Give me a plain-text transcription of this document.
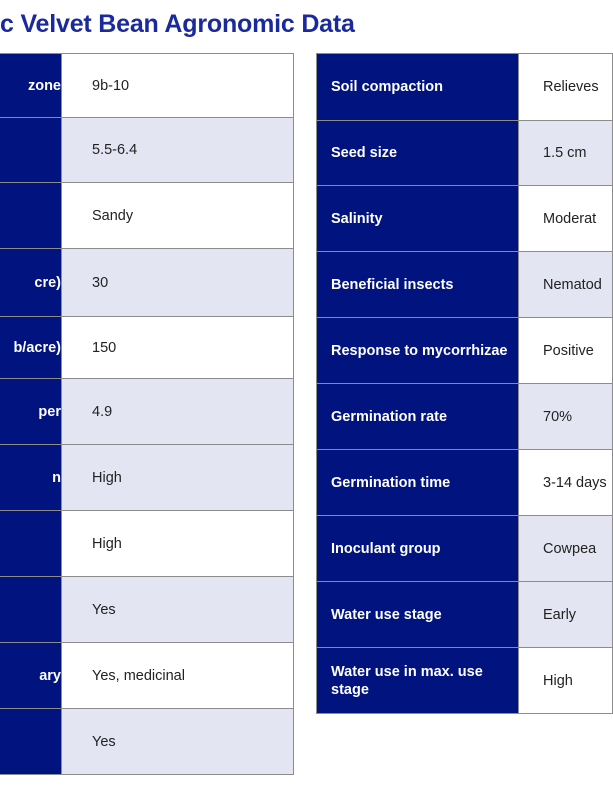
c Velvet Bean Agronomic Data
zone	9b-10
	5.5-6.4
	Sandy
cre)	30
b/acre)	150
per	4.9
n	High
	High
	Yes
ary	Yes, medicinal
	Yes
Soil compaction	Relieves
Seed size	1.5 cm
Salinity	Moderat
Beneficial insects	Nematod
Response to mycorrhizae	Positive
Germination rate	70%
Germination time	3-14 days
Inoculant group	Cowpea
Water use stage	Early
Water use in max. use stage	High
